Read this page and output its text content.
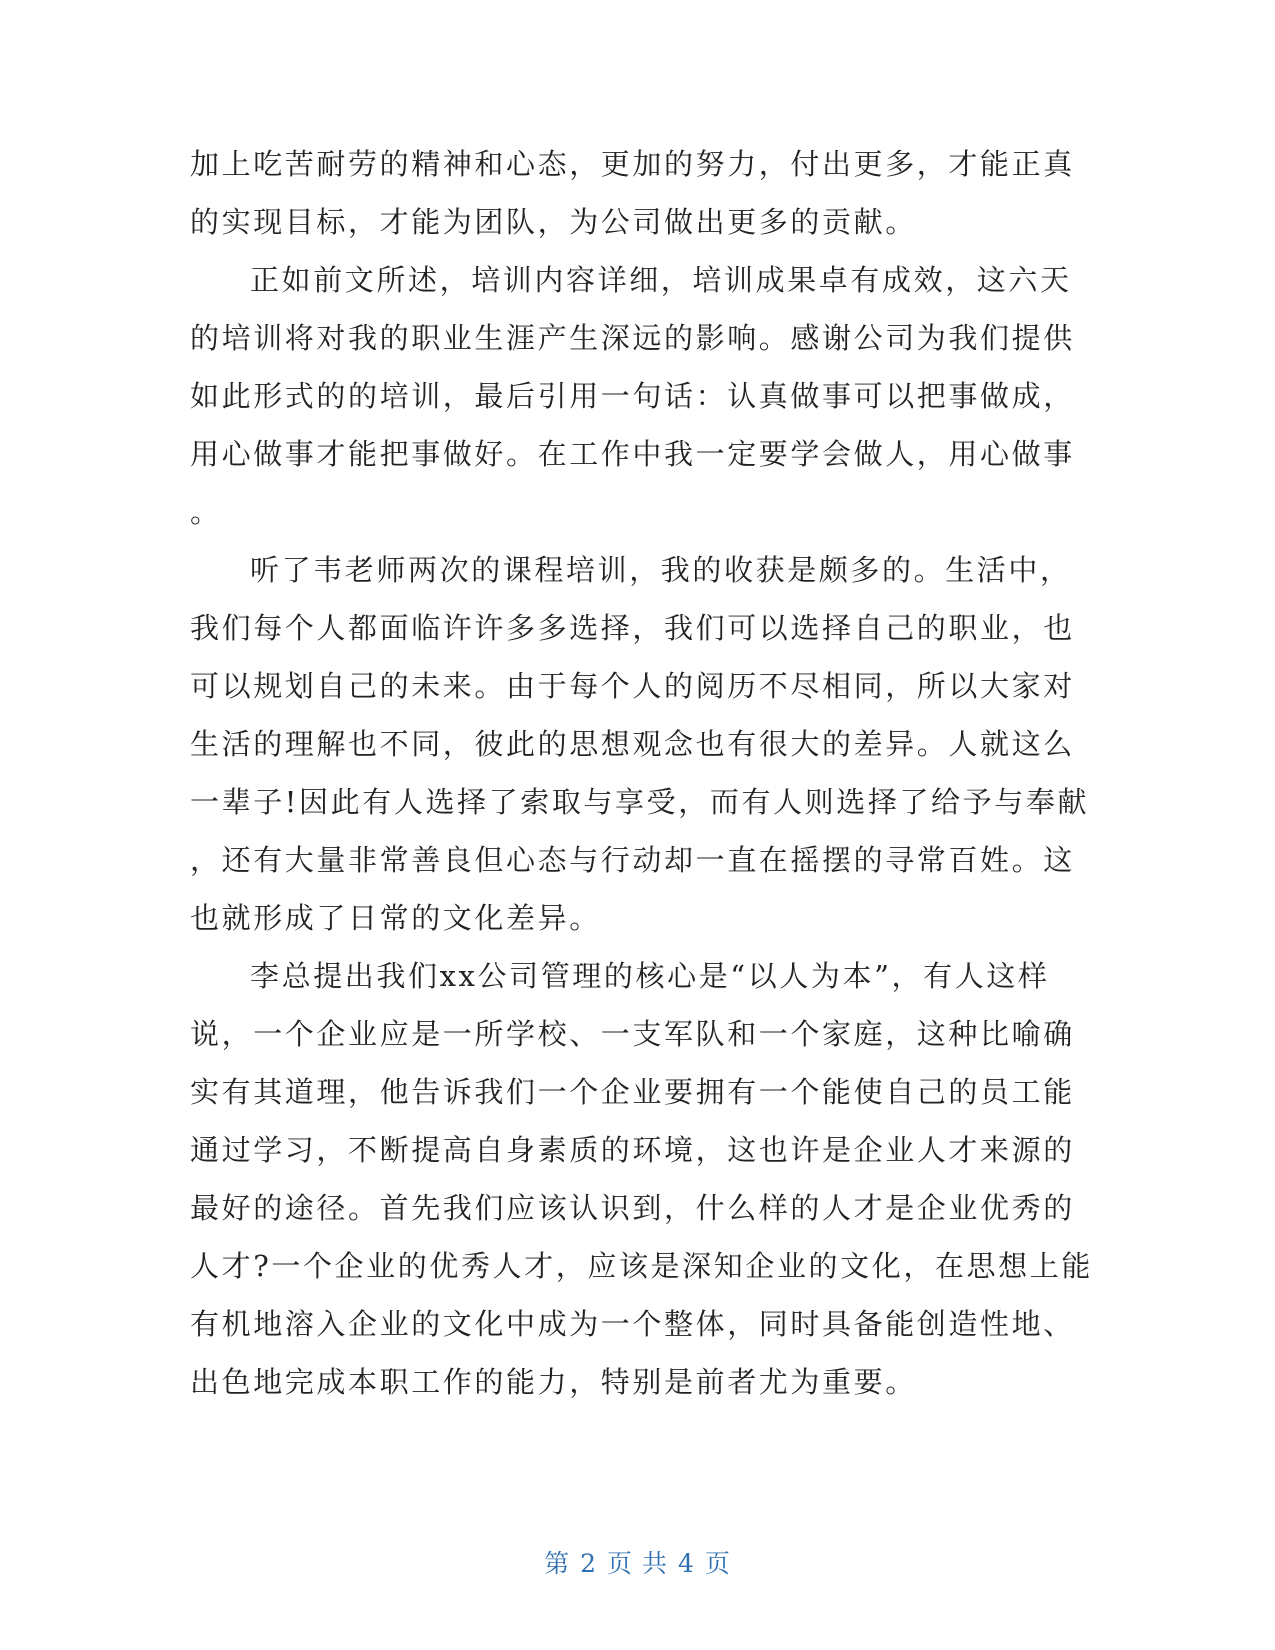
加上吃苦耐劳的精神和心态，更加的努力，付出更多，才能正真
的实现目标，才能为团队，为公司做出更多的贡献。
正如前文所述，培训内容详细，培训成果卓有成效，这六天
的培训将对我的职业生涯产生深远的影响。感谢公司为我们提供
如此形式的的培训，最后引用一句话：认真做事可以把事做成，
用心做事才能把事做好。在工作中我一定要学会做人，用心做事
。
听了韦老师两次的课程培训，我的收获是颇多的。生活中，
我们每个人都面临许许多多选择，我们可以选择自己的职业，也
可以规划自己的未来。由于每个人的阅历不尽相同，所以大家对
生活的理解也不同，彼此的思想观念也有很大的差异。人就这么
一辈子!因此有人选择了索取与享受，而有人则选择了给予与奉献
，还有大量非常善良但心态与行动却一直在摇摆的寻常百姓。这
也就形成了日常的文化差异。
李总提出我们xx公司管理的核心是“以人为本”，有人这样
说，一个企业应是一所学校、一支军队和一个家庭，这种比喻确
实有其道理，他告诉我们一个企业要拥有一个能使自己的员工能
通过学习，不断提高自身素质的环境，这也许是企业人才来源的
最好的途径。首先我们应该认识到，什么样的人才是企业优秀的
人才?一个企业的优秀人才，应该是深知企业的文化，在思想上能
有机地溶入企业的文化中成为一个整体，同时具备能创造性地、
出色地完成本职工作的能力，特别是前者尤为重要。
第 2 页 共 4 页
